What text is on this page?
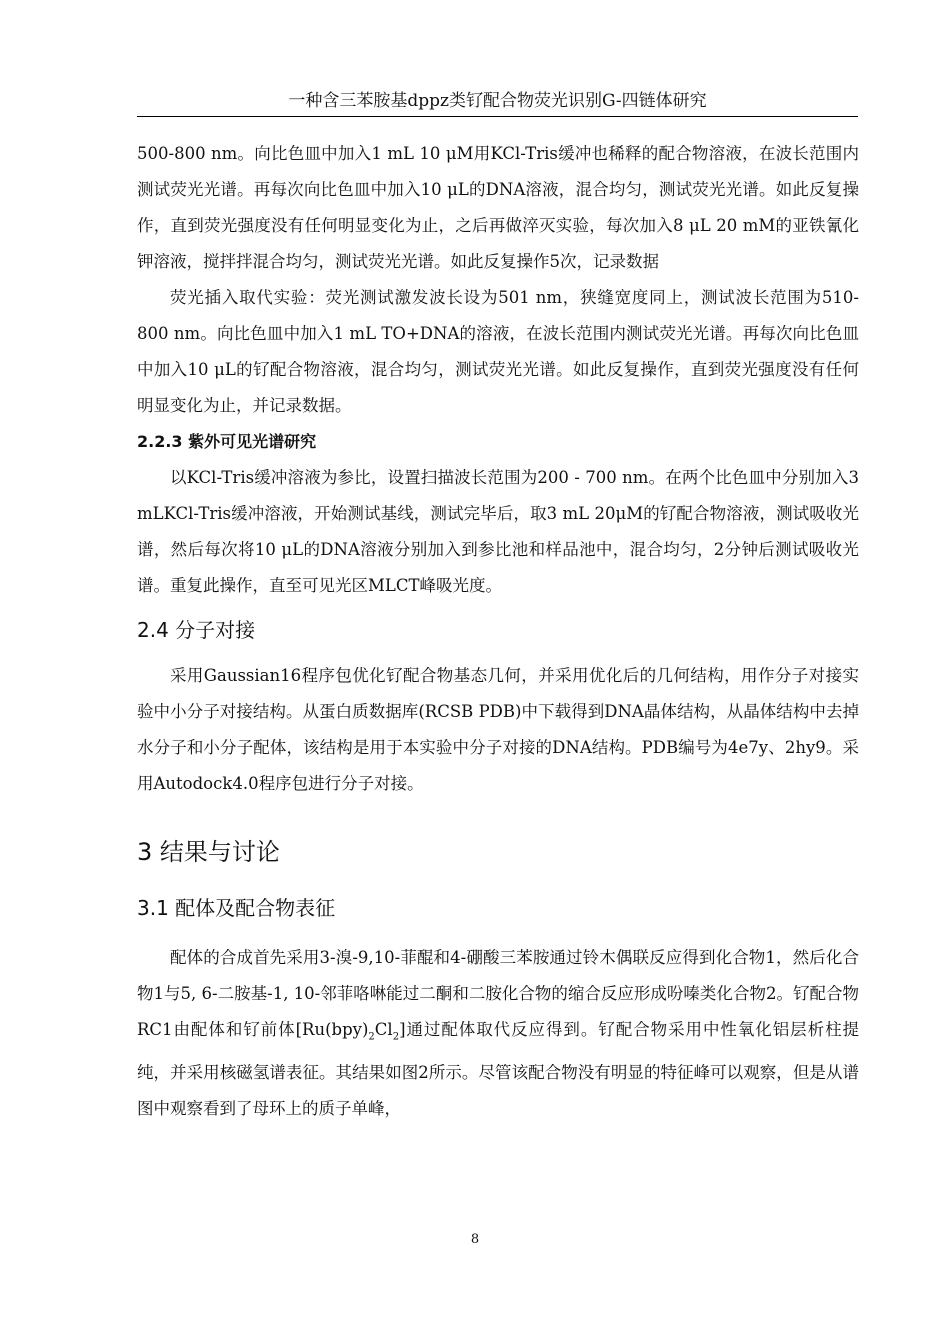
一种含三苯胺基dppz类钌配合物荧光识别G-四链体研究

500-800 nm。向比色皿中加入1 mL 10 μM用KCl-Tris缓冲也稀释的配合物溶液，在波长范围内测试荧光光谱。再每次向比色皿中加入10 μL的DNA溶液，混合均匀，测试荧光光谱。如此反复操作，直到荧光强度没有任何明显变化为止，之后再做淬灭实验，每次加入8 μL 20 mM的亚铁氰化钾溶液，搅拌拌混合均匀，测试荧光光谱。如此反复操作5次，记录数据

荧光插入取代实验：荧光测试激发波长设为501 nm，狭缝宽度同上，测试波长范围为510-800 nm。向比色皿中加入1 mL TO+DNA的溶液，在波长范围内测试荧光光谱。再每次向比色皿中加入10 μL的钌配合物溶液，混合均匀，测试荧光光谱。如此反复操作，直到荧光强度没有任何明显变化为止，并记录数据。

2.2.3 紫外可见光谱研究

以KCl-Tris缓冲溶液为参比，设置扫描波长范围为200 - 700 nm。在两个比色皿中分别加入3 mLKCl-Tris缓冲溶液，开始测试基线，测试完毕后，取3 mL 20μM的钌配合物溶液，测试吸收光谱，然后每次将10 μL的DNA溶液分别加入到参比池和样品池中，混合均匀，2分钟后测试吸收光谱。重复此操作，直至可见光区MLCT峰吸光度。

2.4 分子对接

采用Gaussian16程序包优化钌配合物基态几何，并采用优化后的几何结构，用作分子对接实验中小分子对接结构。从蛋白质数据库(RCSB PDB)中下载得到DNA晶体结构，从晶体结构中去掉水分子和小分子配体，该结构是用于本实验中分子对接的DNA结构。PDB编号为4e7y、2hy9。采用Autodock4.0程序包进行分子对接。

3 结果与讨论
3.1 配体及配合物表征

配体的合成首先采用3-溴-9,10-菲醌和4-硼酸三苯胺通过铃木偶联反应得到化合物1，然后化合物1与5, 6-二胺基-1, 10-邻菲咯啉能过二酮和二胺化合物的缩合反应形成吩嗪类化合物2。钌配合物RC1由配体和钌前体$[Ru(bpy)_2Cl_2]$通过配体取代反应得到。钌配合物采用中性氧化铝层析柱提纯，并采用核磁氢谱表征。其结果如图2所示。尽管该配合物没有明显的特征峰可以观察，但是从谱图中观察看到了母环上的质子单峰，

8
